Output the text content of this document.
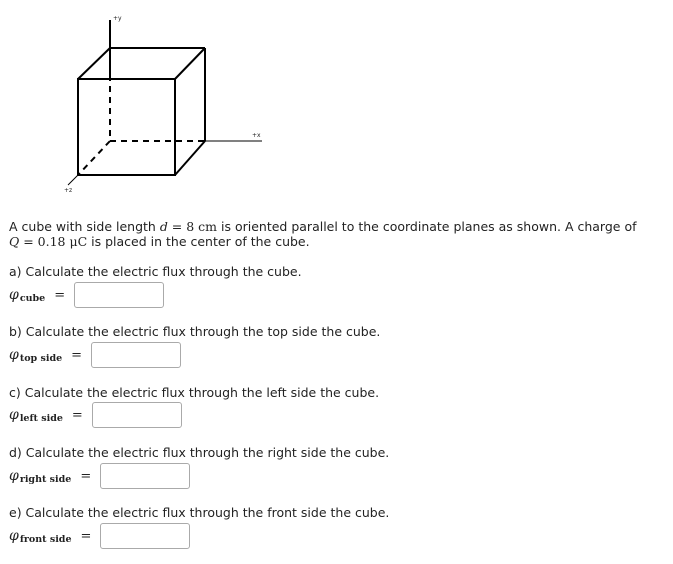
+y
+x
+z
A cube with side length d = 8 cm is oriented parallel to the coordinate planes as shown. A charge of
Q = 0.18 μC is placed in the center of the cube.
a) Calculate the electric flux through the cube.
φ cube =
b) Calculate the electric flux through the top side the cube.
φ top side =
c) Calculate the electric flux through the left side the cube.
φ left side =
d) Calculate the electric flux through the right side the cube.
φ right side =
e) Calculate the electric flux through the front side the cube.
φ front side =
